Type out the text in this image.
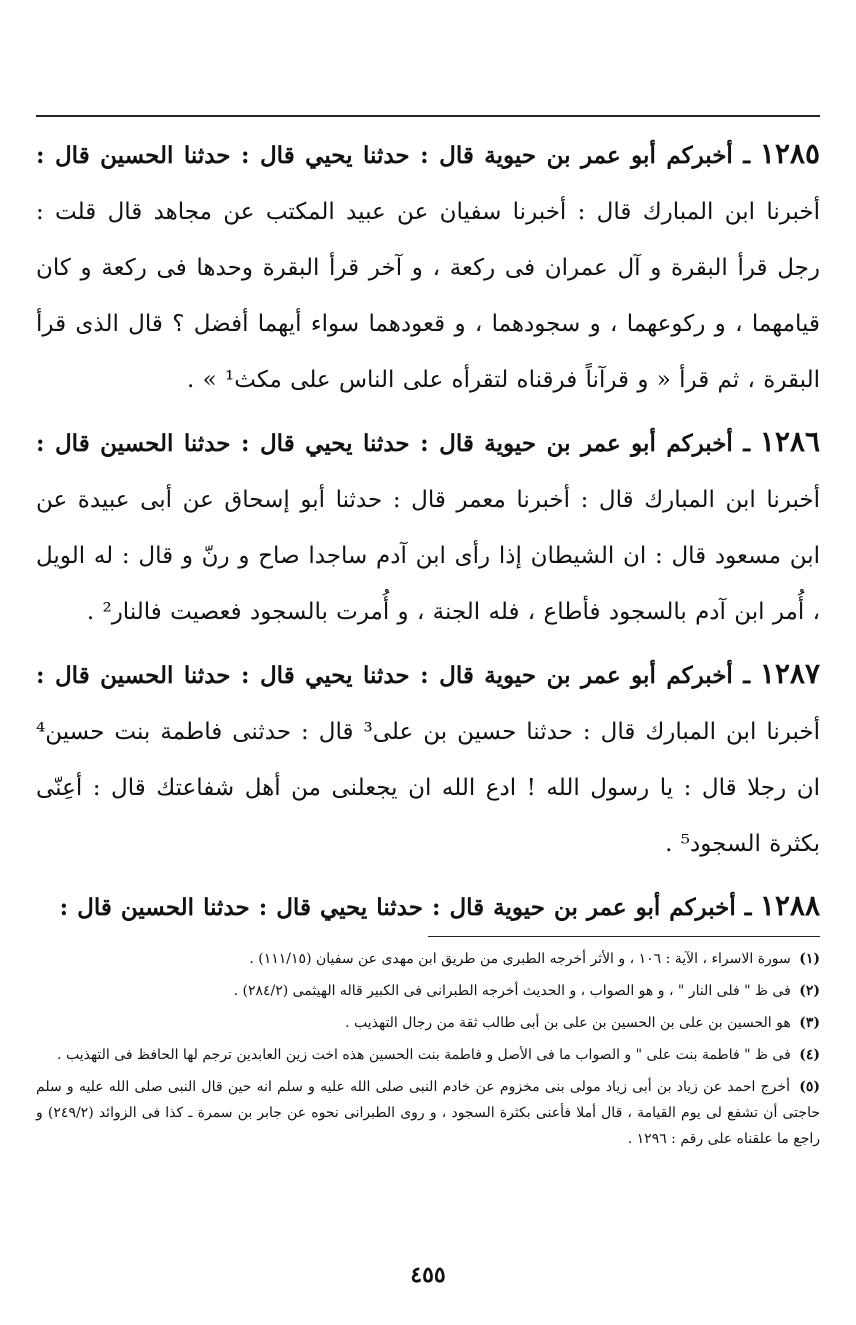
١٢٨٥ ـ أخبركم أبو عمر بن حيوية قال : حدثنا يحيي قال : حدثنا الحسين قال : أخبرنا ابن المبارك قال : أخبرنا سفيان عن عبيد المكتب عن مجاهد قال قلت : رجل قرأ البقرة و آل عمران فى ركعة ، و آخر قرأ البقرة وحدها فى ركعة و كان قيامهما ، و ركوعهما ، و سجودهما ، و قعودهما سواء أيهما أفضل ؟ قال الذى قرأ البقرة ، ثم قرأ « و قرآناً فرقناه لتقرأه على الناس على مكث¹ » .

١٢٨٦ ـ أخبركم أبو عمر بن حيوية قال : حدثنا يحيي قال : حدثنا الحسين قال : أخبرنا ابن المبارك قال : أخبرنا معمر قال : حدثنا أبو إسحاق عن أبى عبيدة عن ابن مسعود قال : ان الشيطان إذا رأى ابن آدم ساجدا صاح و رنّ و قال : له الويل ، أُمر ابن آدم بالسجود فأطاع ، فله الجنة ، و أُمرت بالسجود فعصيت فالنار² .

١٢٨٧ ـ أخبركم أبو عمر بن حيوية قال : حدثنا يحيي قال : حدثنا الحسين قال : أخبرنا ابن المبارك قال : حدثنا حسين بن على³ قال : حدثنى فاطمة بنت حسين⁴ ان رجلا قال : يا رسول الله ! ادع الله ان يجعلنى من أهل شفاعتك قال : أعِنّى بكثرة السجود⁵ .

١٢٨٨ ـ أخبركم أبو عمر بن حيوية قال : حدثنا يحيي قال : حدثنا الحسين قال :

(١) سورة الاسراء ، الآية : ١٠٦ ، و الأثر أخرجه الطبرى من طريق ابن مهدى عن سفيان (١١١/١٥) .

(٢) فى ظ " فلى النار " ، و هو الصواب ، و الحديث أخرجه الطبرانى فى الكبير قاله الهيثمى (٢٨٤/٢) .

(٣) هو الحسين بن على بن الحسين بن على بن أبى طالب ثقة من رجال التهذيب .

(٤) فى ظ " فاطمة بنت على " و الصواب ما فى الأصل و فاطمة بنت الحسين هذه اخت زين العابدين ترجم لها الحافظ فى التهذيب .

(٥) أخرج احمد عن زياد بن أبى زياد مولى بنى مخزوم عن خادم النبى صلى الله عليه و سلم انه حين قال النبى صلى الله عليه و سلم حاجتى أن تشفع لى يوم القيامة ، قال أملا فأعنى بكثرة السجود ، و روى الطبرانى نحوه عن جابر بن سمرة ـ كذا فى الزوائد (٢٤٩/٢) و راجع ما علقناه على رقم : ١٢٩٦ .

٤٥٥
